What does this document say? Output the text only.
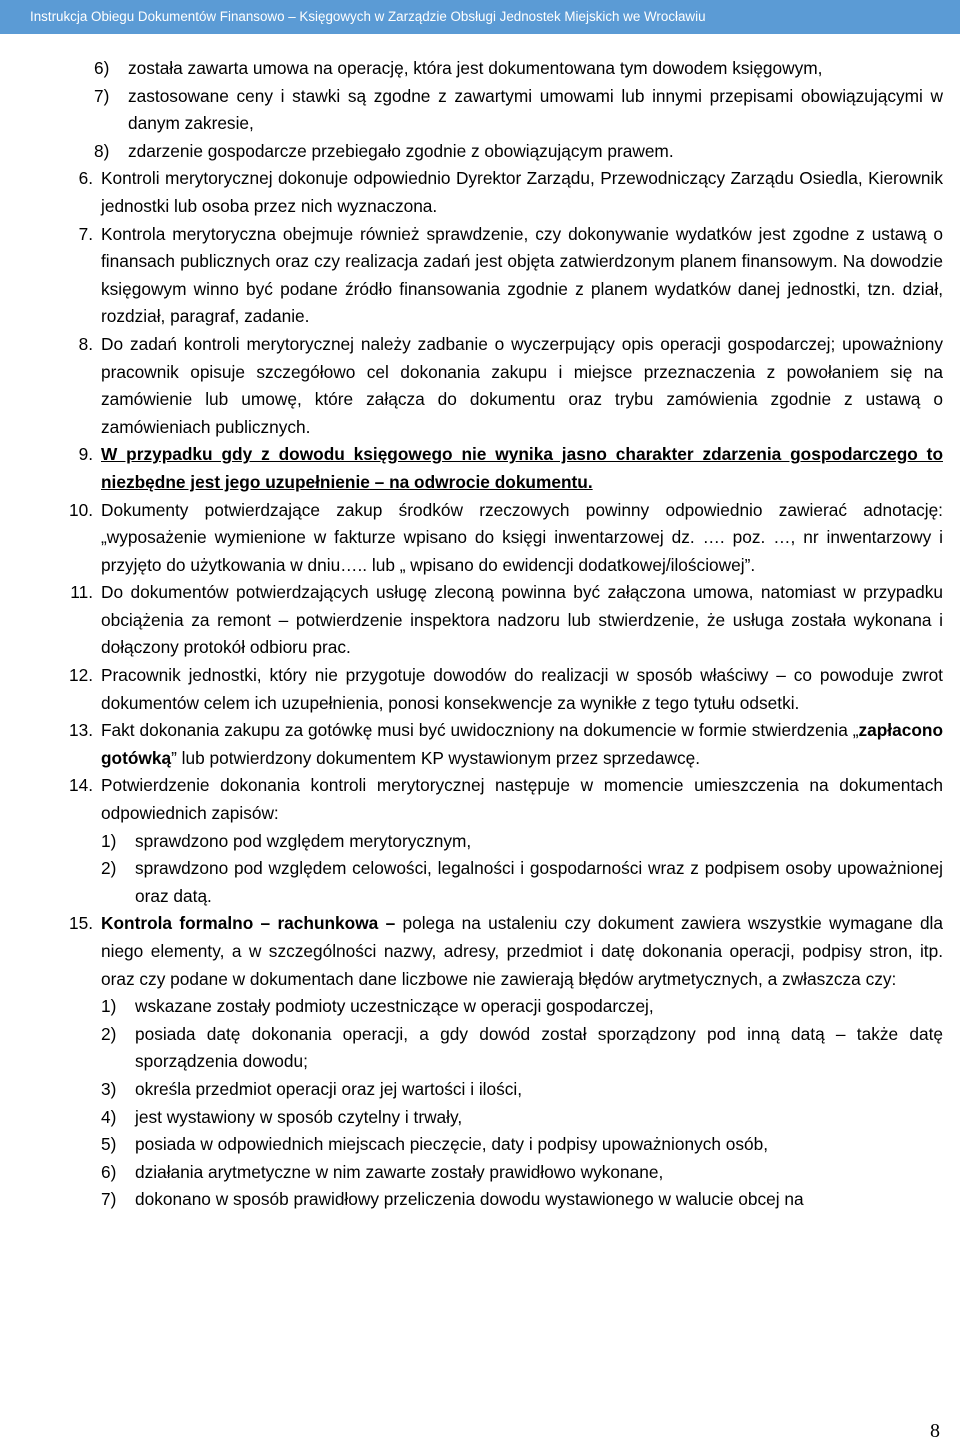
Instrukcja Obiegu Dokumentów Finansowo – Księgowych w Zarządzie Obsługi Jednostek Miejskich we Wrocławiu
6)	została zawarta umowa na operację, która jest dokumentowana tym dowodem księgowym,
7)	zastosowane ceny i stawki są zgodne z zawartymi umowami lub innymi przepisami obowiązującymi w danym zakresie,
8)	zdarzenie gospodarcze przebiegało zgodnie z obowiązującym prawem.
6. Kontroli merytorycznej dokonuje odpowiednio Dyrektor Zarządu, Przewodniczący Zarządu Osiedla, Kierownik jednostki lub osoba przez nich wyznaczona.
7. Kontrola merytoryczna obejmuje również sprawdzenie, czy dokonywanie wydatków jest zgodne z ustawą o finansach publicznych oraz czy realizacja zadań jest objęta zatwierdzonym planem finansowym. Na dowodzie księgowym winno być podane źródło finansowania zgodnie z planem wydatków danej jednostki, tzn. dział, rozdział, paragraf, zadanie.
8. Do zadań kontroli merytorycznej należy zadbanie o wyczerpujący opis operacji gospodarczej; upoważniony pracownik opisuje szczegółowo cel dokonania zakupu i miejsce przeznaczenia z powołaniem się na zamówienie lub umowę, które załącza do dokumentu oraz trybu zamówienia zgodnie z ustawą o zamówieniach publicznych.
9. W przypadku gdy z dowodu księgowego nie wynika jasno charakter zdarzenia gospodarczego to niezbędne jest jego uzupełnienie – na odwrocie dokumentu.
10. Dokumenty potwierdzające zakup środków rzeczowych powinny odpowiednio zawierać adnotację: „wyposażenie wymienione w fakturze wpisano do księgi inwentarzowej dz. …. poz. …, nr inwentarzowy i przyjęto do użytkowania w dniu….. lub „ wpisano do ewidencji dodatkowej/ilościowej”.
11. Do dokumentów potwierdzających usługę zleconą powinna być załączona umowa, natomiast w przypadku obciążenia za remont – potwierdzenie inspektora nadzoru lub stwierdzenie, że usługa została wykonana i dołączony protokół odbioru prac.
12. Pracownik jednostki, który nie przygotuje dowodów do realizacji w sposób właściwy – co powoduje zwrot dokumentów celem ich uzupełnienia, ponosi konsekwencje za wynikłe z tego tytułu odsetki.
13. Fakt dokonania zakupu za gotówkę musi być uwidoczniony na dokumencie w formie stwierdzenia „zapłacono gotówką” lub potwierdzony dokumentem KP wystawionym przez sprzedawcę.
14. Potwierdzenie dokonania kontroli merytorycznej następuje w momencie umieszczenia na dokumentach odpowiednich zapisów:
1)	sprawdzono pod względem merytorycznym,
2)	sprawdzono pod względem celowości, legalności i gospodarności wraz z podpisem osoby upoważnionej oraz datą.
15. Kontrola formalno – rachunkowa – polega na ustaleniu czy dokument zawiera wszystkie wymagane dla niego elementy, a w szczególności nazwy, adresy, przedmiot i datę dokonania operacji, podpisy stron, itp. oraz czy podane w dokumentach dane liczbowe nie zawierają błędów arytmetycznych, a zwłaszcza czy:
1)	wskazane zostały podmioty uczestniczące w operacji gospodarczej,
2)	posiada datę dokonania operacji, a gdy dowód został sporządzony pod inną datą – także datę sporządzenia dowodu;
3)	określa przedmiot operacji oraz jej wartości i ilości,
4)	jest wystawiony w sposób czytelny i trwały,
5)	posiada w odpowiednich miejscach pieczęcie, daty i podpisy upoważnionych osób,
6)	działania arytmetyczne w nim zawarte zostały prawidłowo wykonane,
7)	dokonano w sposób prawidłowy przeliczenia dowodu wystawionego w walucie obcej na
8
